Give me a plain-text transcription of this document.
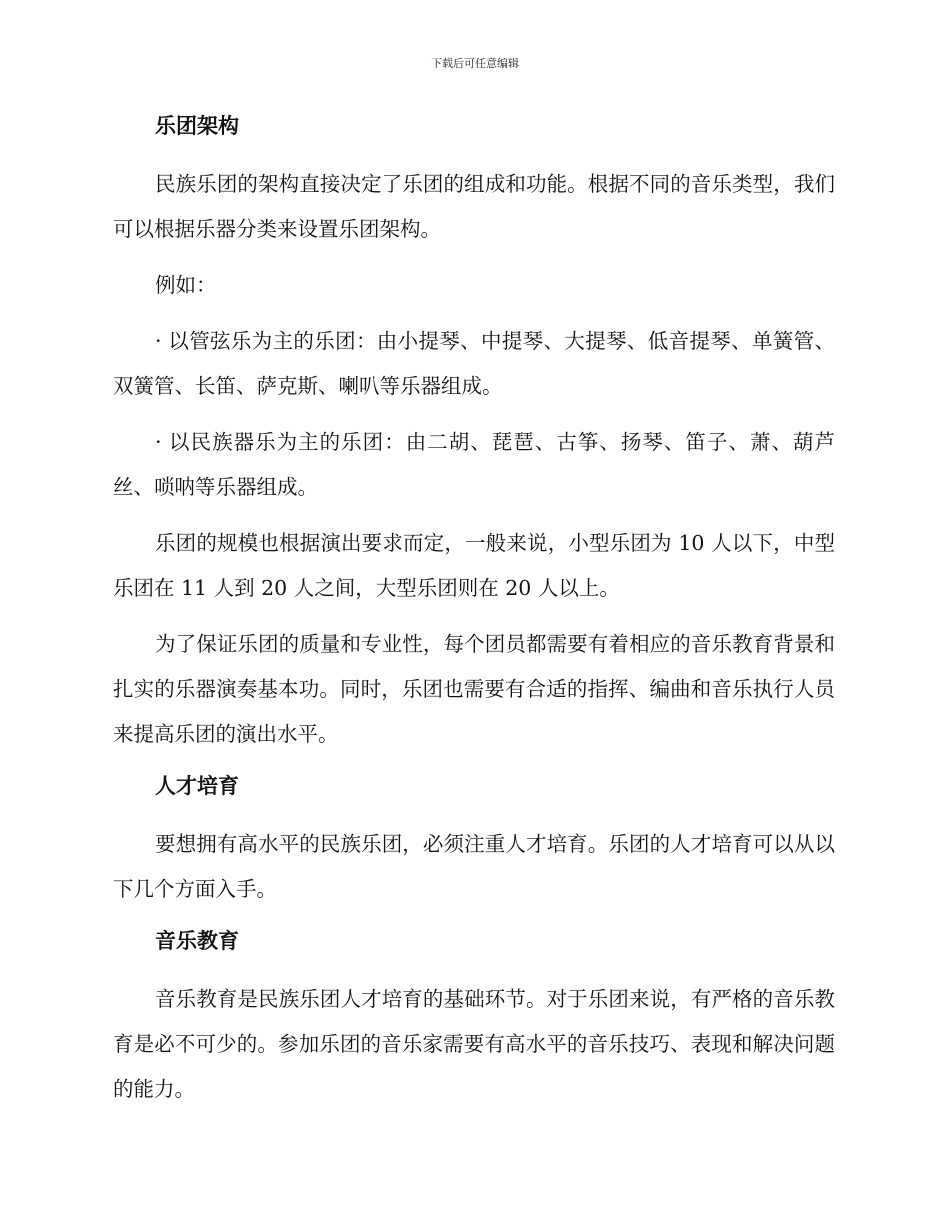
下载后可任意编辑
乐团架构

民族乐团的架构直接决定了乐团的组成和功能。根据不同的音乐类型，我们可以根据乐器分类来设置乐团架构。

例如：

· 以管弦乐为主的乐团：由小提琴、中提琴、大提琴、低音提琴、单簧管、双簧管、长笛、萨克斯、喇叭等乐器组成。

· 以民族器乐为主的乐团：由二胡、琵琶、古筝、扬琴、笛子、萧、葫芦丝、唢呐等乐器组成。

乐团的规模也根据演出要求而定，一般来说，小型乐团为 10 人以下，中型乐团在 11 人到 20 人之间，大型乐团则在 20 人以上。

为了保证乐团的质量和专业性，每个团员都需要有着相应的音乐教育背景和扎实的乐器演奏基本功。同时，乐团也需要有合适的指挥、编曲和音乐执行人员来提高乐团的演出水平。

人才培育

要想拥有高水平的民族乐团，必须注重人才培育。乐团的人才培育可以从以下几个方面入手。

音乐教育

音乐教育是民族乐团人才培育的基础环节。对于乐团来说，有严格的音乐教育是必不可少的。参加乐团的音乐家需要有高水平的音乐技巧、表现和解决问题的能力。
